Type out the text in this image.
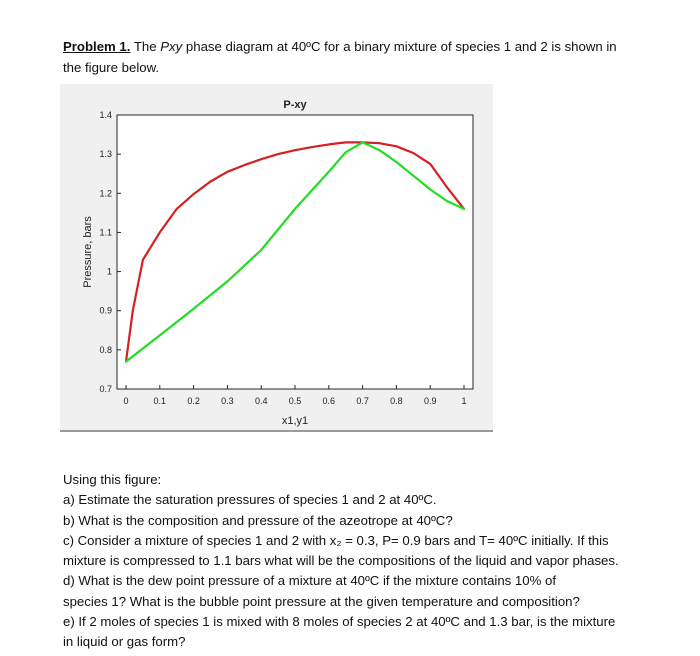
Problem 1. The Pxy phase diagram at 40ºC for a binary mixture of species 1 and 2 is shown in
the figure below.
P-xy
x1,y1
Pressure, bars
0	0.1 0.2 0.3 0.4 0.5 0.6 0.7 0.8 0.9	1
0.7
0.8
0.9
1
1.1
1.2
1.3
1.4

Using this figure:

a) Estimate the saturation pressures of species 1 and 2 at 40ºC.

b) What is the composition and pressure of the azeotrope at 40ºC?

c) Consider a mixture of species 1 and 2 with x₂ = 0.3, P= 0.9 bars and T= 40ºC initially. If this

mixture is compressed to 1.1 bars what will be the compositions of the liquid and vapor phases.

d) What is the dew point pressure of a mixture at 40ºC if the mixture contains 10% of

species 1? What is the bubble point pressure at the given temperature and composition?

e) If 2 moles of species 1 is mixed with 8 moles of species 2 at 40ºC and 1.3 bar, is the mixture

in liquid or gas form?
